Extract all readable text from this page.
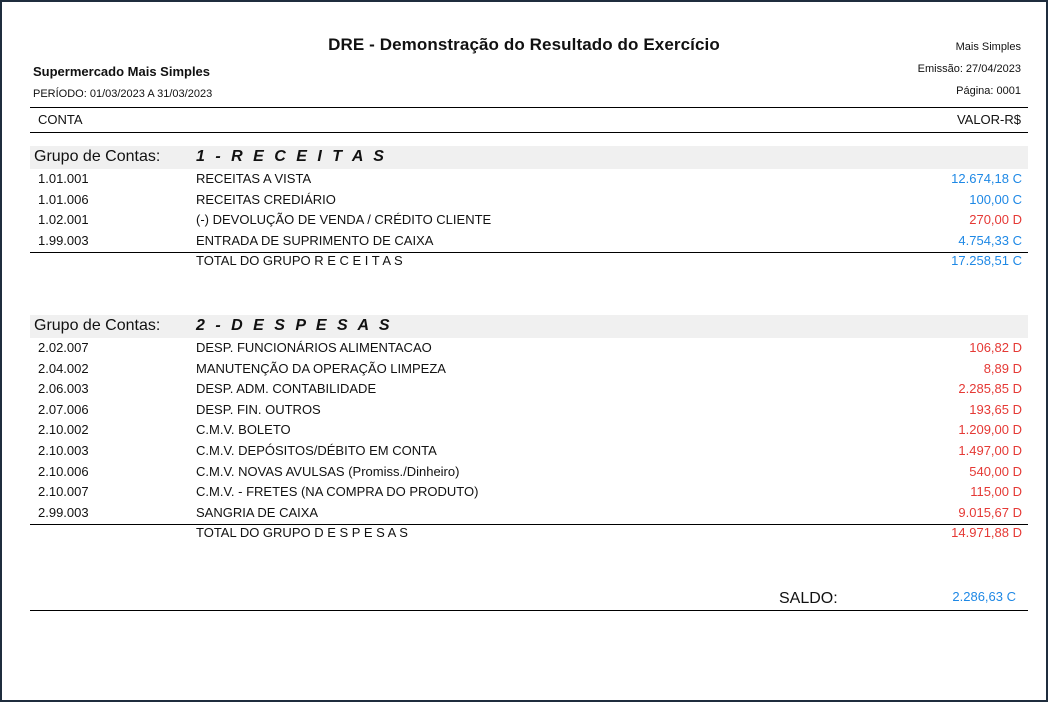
DRE - Demonstração do Resultado do Exercício
Supermercado Mais Simples
PERÍODO: 01/03/2023 A 31/03/2023
Mais Simples
Emissão: 27/04/2023
Página: 0001
CONTA	VALOR-R$
Grupo de Contas: 1 - R E C E I T A S
1.01.001	RECEITAS A VISTA	12.674,18 C
1.01.006	RECEITAS CREDIÁRIO	100,00 C
1.02.001	(-) DEVOLUÇÃO DE VENDA / CRÉDITO CLIENTE	270,00 D
1.99.003	ENTRADA DE SUPRIMENTO DE CAIXA	4.754,33 C
TOTAL DO GRUPO R E C E I T A S	17.258,51 C
Grupo de Contas: 2 - D E S P E S A S
2.02.007	DESP. FUNCIONÁRIOS ALIMENTACAO	106,82 D
2.04.002	MANUTENÇÃO DA OPERAÇÃO LIMPEZA	8,89 D
2.06.003	DESP. ADM. CONTABILIDADE	2.285,85 D
2.07.006	DESP. FIN. OUTROS	193,65 D
2.10.002	C.M.V. BOLETO	1.209,00 D
2.10.003	C.M.V. DEPÓSITOS/DÉBITO EM CONTA	1.497,00 D
2.10.006	C.M.V. NOVAS AVULSAS (Promiss./Dinheiro)	540,00 D
2.10.007	C.M.V. - FRETES (NA COMPRA DO PRODUTO)	115,00 D
2.99.003	SANGRIA DE CAIXA	9.015,67 D
TOTAL DO GRUPO D E S P E S A S	14.971,88 D
SALDO:	2.286,63 C
